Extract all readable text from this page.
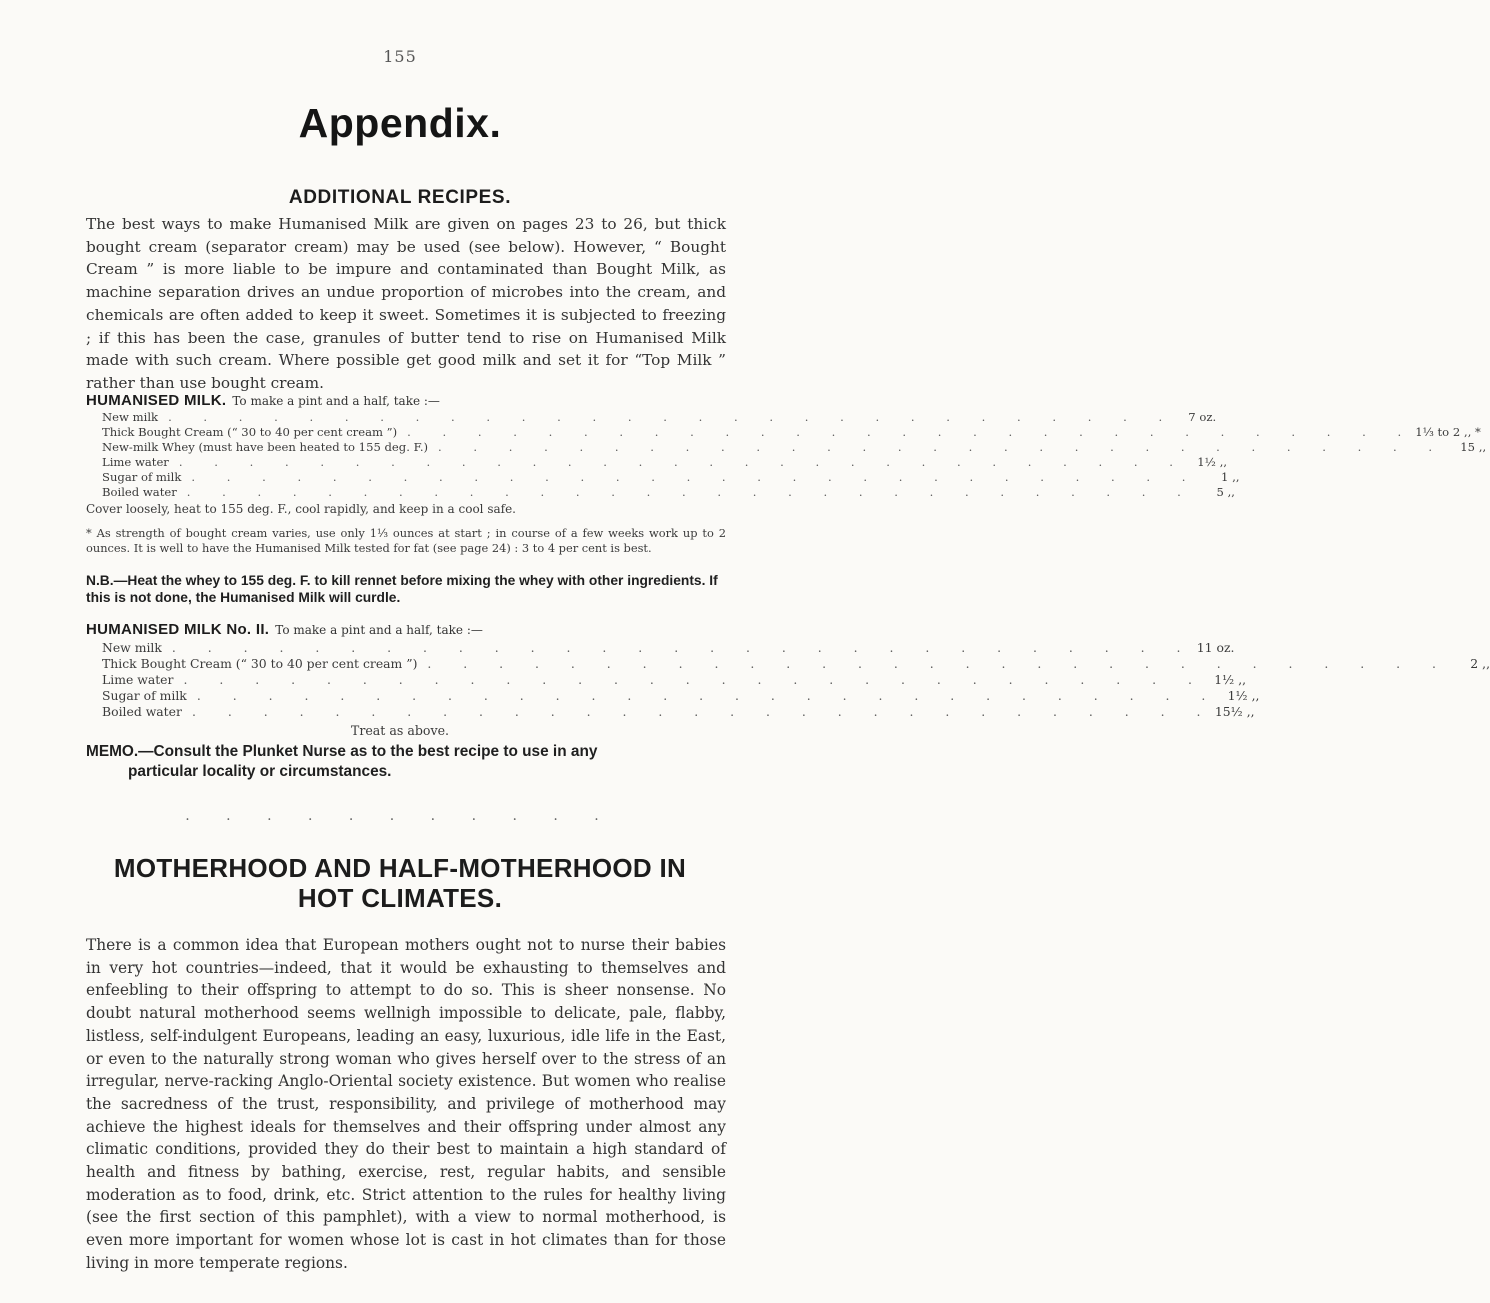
155
Appendix.
ADDITIONAL RECIPES.
The best ways to make Humanised Milk are given on pages 23 to 26, but thick bought cream (separator cream) may be used (see below). However, “ Bought Cream ” is more liable to be impure and contaminated than Bought Milk, as machine separation drives an undue proportion of microbes into the cream, and chemicals are often added to keep it sweet. Sometimes it is subjected to freezing ; if this has been the case, granules of butter tend to rise on Humanised Milk made with such cream. Where possible get good milk and set it for “Top Milk ” rather than use bought cream.
HUMANISED MILK. To make a pint and a half, take :—
New milk . . . . . . . . . . . . . . . . . . . . . . . . . . . . .	7 oz.
Thick Bought Cream (“ 30 to 40 per cent cream ”) . . . . . . . . . . . . . . . . . . . . . . . . . . . . . 1⅓ to 2 ‚‚ *
New-milk Whey (must have been heated to 155 deg. F.) . . . . . . . . . . . . . . . . . . . . . . . . . . . . .	15 ‚‚
Lime water . . . . . . . . . . . . . . . . . . . . . . . . . . . . . 1½ ‚‚
Sugar of milk . . . . . . . . . . . . . . . . . . . . . . . . . . . . .	1 ‚‚
Boiled water . . . . . . . . . . . . . . . . . . . . . . . . . . . . .	5 ‚‚
Cover loosely, heat to 155 deg. F., cool rapidly, and keep in a cool safe.
* As strength of bought cream varies, use only 1⅓ ounces at start ; in course of a few weeks work up to 2 ounces. It is well to have the Humanised Milk tested for fat (see page 24) : 3 to 4 per cent is best.
N.B.—Heat the whey to 155 deg. F. to kill rennet before mixing the whey with other ingredients. If this is not done, the Humanised Milk will curdle.
HUMANISED MILK No. II. To make a pint and a half, take :—
New milk . . . . . . . . . . . . . . . . . . . . . . . . . . . . . 11 oz.
Thick Bought Cream (“ 30 to 40 per cent cream ”) . . . . . . . . . . . . . . . . . . . . . . . . . . . . .	2 ‚‚
Lime water . . . . . . . . . . . . . . . . . . . . . . . . . . . . . 1½ ‚‚
Sugar of milk . . . . . . . . . . . . . . . . . . . . . . . . . . . . . 1½ ‚‚
Boiled water . . . . . . . . . . . . . . . . . . . . . . . . . . . . . 15½ ‚‚
Treat as above.
MEMO.—Consult the Plunket Nurse as to the best recipe to use in any
particular locality or circumstances.
. . . . . . . . . . .
MOTHERHOOD AND HALF-MOTHERHOOD IN
HOT CLIMATES.
There is a common idea that European mothers ought not to nurse their babies in very hot countries—indeed, that it would be exhausting to themselves and enfeebling to their offspring to attempt to do so. This is sheer nonsense. No doubt natural motherhood seems wellnigh impossible to delicate, pale, flabby, listless, self-indulgent Europeans, leading an easy, luxurious, idle life in the East, or even to the naturally strong woman who gives herself over to the stress of an irregular, nerve-racking Anglo-Oriental society existence. But women who realise the sacredness of the trust, responsibility, and privilege of motherhood may achieve the highest ideals for themselves and their offspring under almost any climatic conditions, provided they do their best to maintain a high standard of health and fitness by bathing, exercise, rest, regular habits, and sensible moderation as to food, drink, etc. Strict attention to the rules for healthy living (see the first section of this pamphlet), with a view to normal motherhood, is even more important for women whose lot is cast in hot climates than for those living in more temperate regions.
